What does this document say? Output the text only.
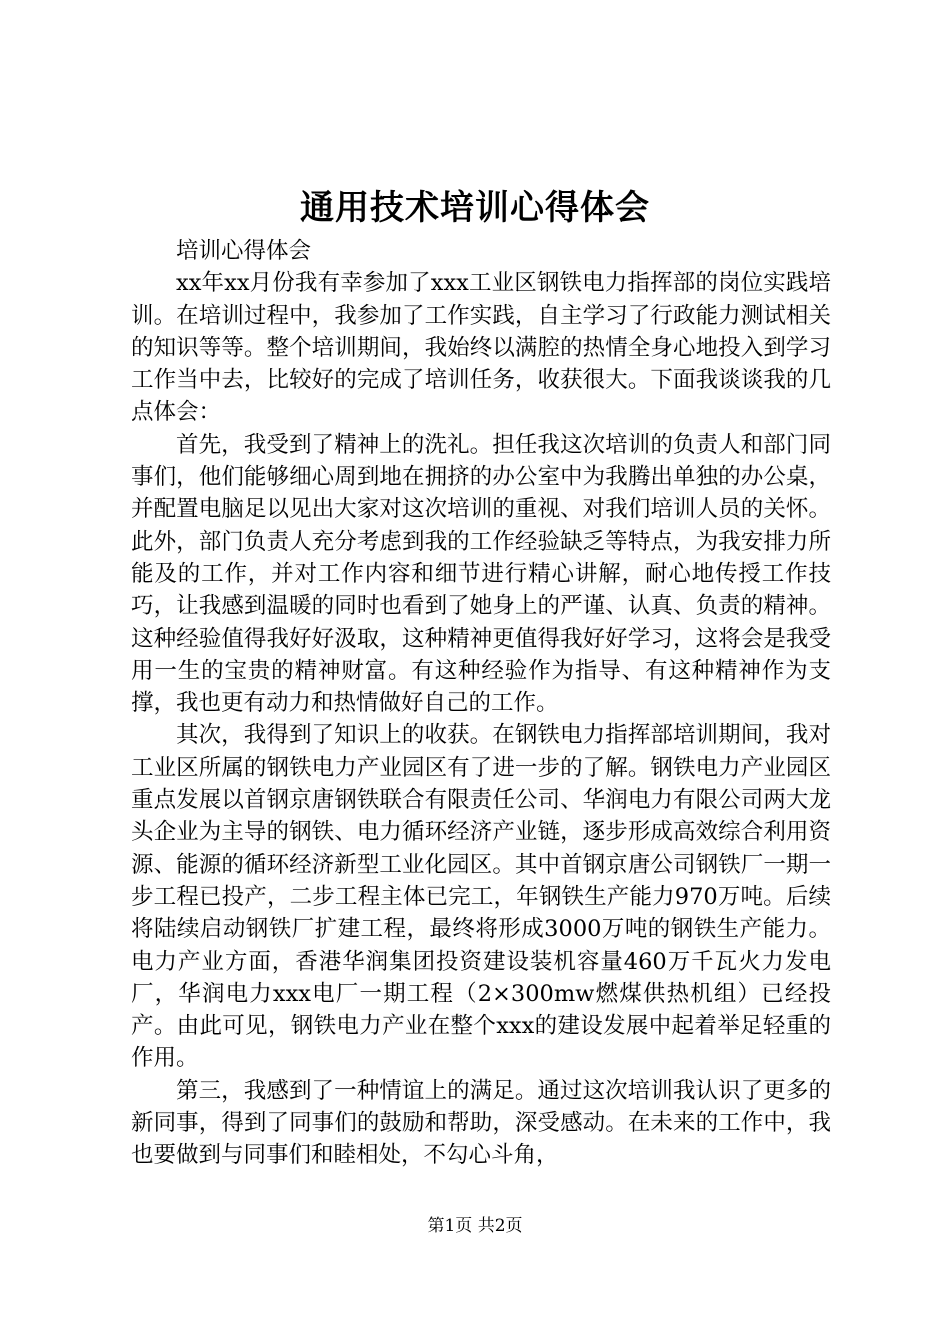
通用技术培训心得体会

培训心得体会

xx年xx月份我有幸参加了xxx工业区钢铁电力指挥部的岗位实践培训。在培训过程中，我参加了工作实践，自主学习了行政能力测试相关的知识等等。整个培训期间，我始终以满腔的热情全身心地投入到学习工作当中去，比较好的完成了培训任务，收获很大。下面我谈谈我的几点体会：

首先，我受到了精神上的洗礼。担任我这次培训的负责人和部门同事们，他们能够细心周到地在拥挤的办公室中为我腾出单独的办公桌，并配置电脑足以见出大家对这次培训的重视、对我们培训人员的关怀。此外，部门负责人充分考虑到我的工作经验缺乏等特点，为我安排力所能及的工作，并对工作内容和细节进行精心讲解，耐心地传授工作技巧，让我感到温暖的同时也看到了她身上的严谨、认真、负责的精神。这种经验值得我好好汲取，这种精神更值得我好好学习，这将会是我受用一生的宝贵的精神财富。有这种经验作为指导、有这种精神作为支撑，我也更有动力和热情做好自己的工作。

其次，我得到了知识上的收获。在钢铁电力指挥部培训期间，我对工业区所属的钢铁电力产业园区有了进一步的了解。钢铁电力产业园区重点发展以首钢京唐钢铁联合有限责任公司、华润电力有限公司两大龙头企业为主导的钢铁、电力循环经济产业链，逐步形成高效综合利用资源、能源的循环经济新型工业化园区。其中首钢京唐公司钢铁厂一期一步工程已投产，二步工程主体已完工，年钢铁生产能力970万吨。后续将陆续启动钢铁厂扩建工程，最终将形成3000万吨的钢铁生产能力。电力产业方面，香港华润集团投资建设装机容量460万千瓦火力发电厂，华润电力xxx电厂一期工程（2×300mw燃煤供热机组）已经投产。由此可见，钢铁电力产业在整个xxx的建设发展中起着举足轻重的作用。

第三，我感到了一种情谊上的满足。通过这次培训我认识了更多的新同事，得到了同事们的鼓励和帮助，深受感动。在未来的工作中，我也要做到与同事们和睦相处，不勾心斗角，

第1页 共2页
